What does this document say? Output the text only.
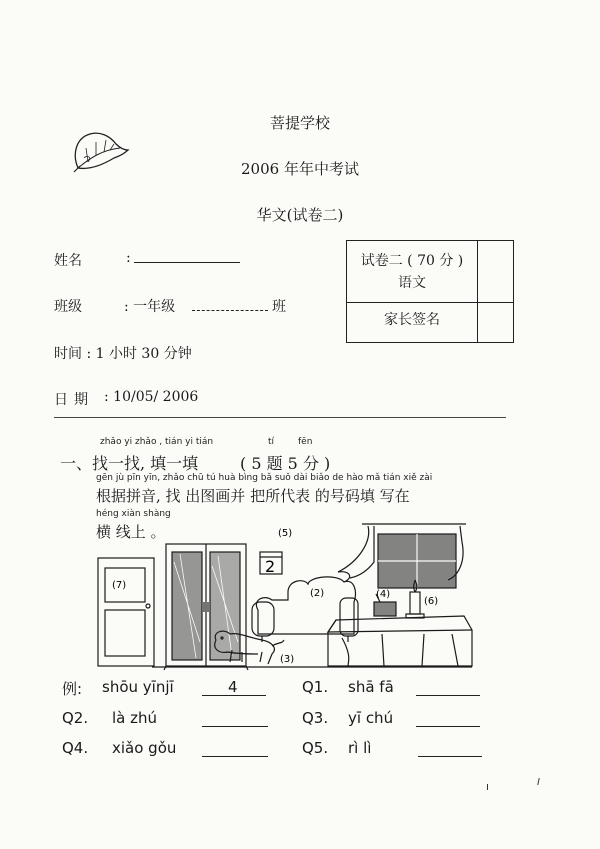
菩提学校
2006 年年中考试
华文(试卷二)
姓名	:
班级	: 一年级	班
时间 : 1 小时 30 分钟
日期 : 10/05/ 2006
试卷二 ( 70 分 )
语文	

家长签名	
zhǎo yi zhǎo , tián yi tián	tí	fēn
一、找一找, 填一填	( 5 题 5 分 )
gēn jù pīn yīn, zhǎo chū tú huà bìng bǎ suǒ dài biǎo de hào mǎ tián xiě zài
根据拼音, 找 出图画并 把所代表 的号码填 写在
héng xiàn shàng
横 线上 。
(7)
(5)
2
(2)	(4)
(6)
(3)
例: shōu yīnjī	4	Q1. shā fā
Q2. là zhú	Q3. yī chú
Q4. xiǎo gǒu	Q5. rì lì
